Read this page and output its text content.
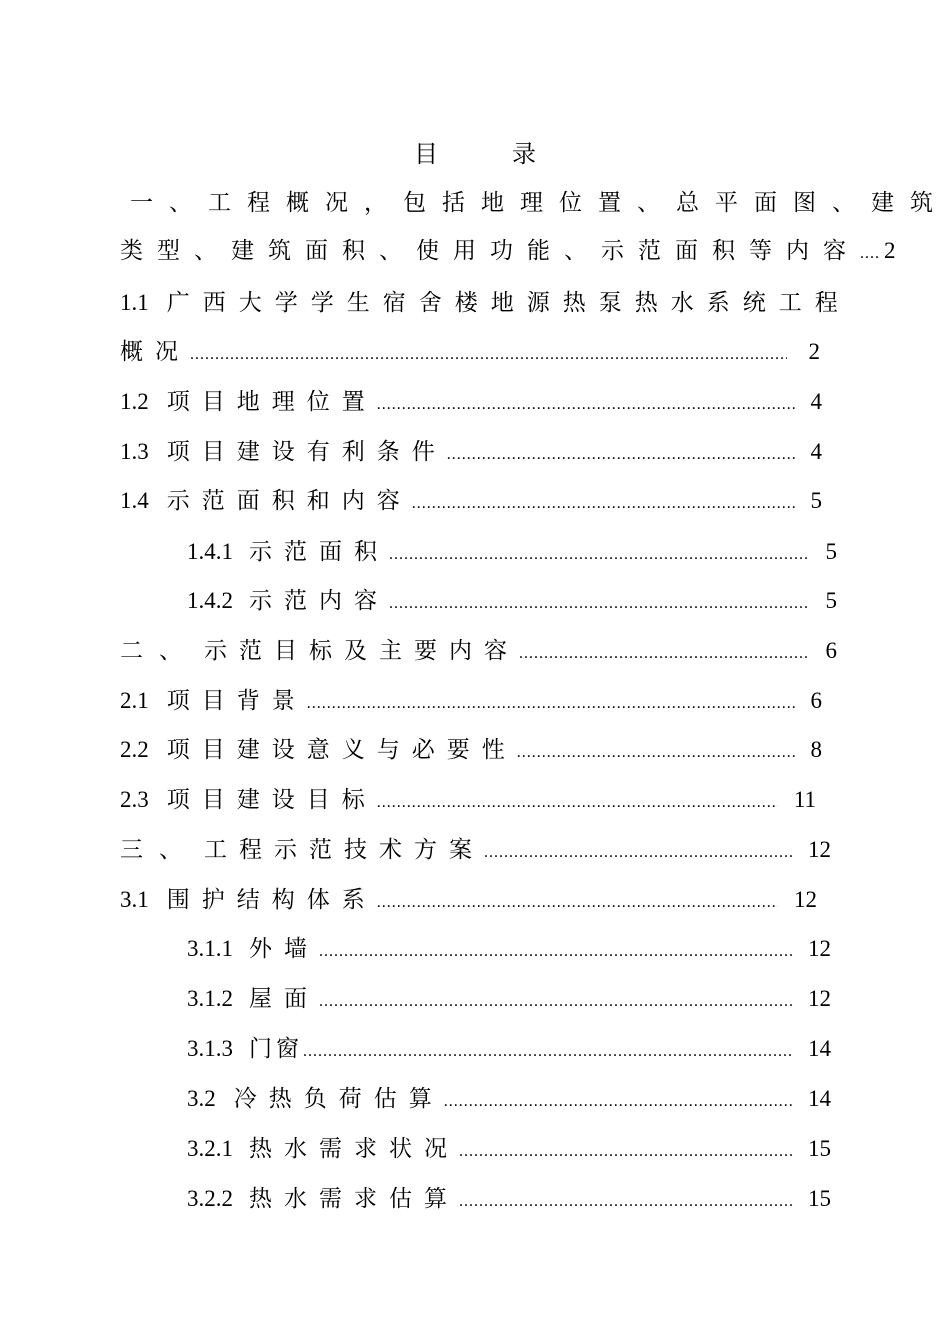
目 录
一、工程概况，包括地理位置、总平面图、建筑
类型、建筑面积、使用功能、示范面积等内容 ..... 2
1.1 广西大学学生宿舍楼地源热泵热水系统工程
概况 .....	2
1.2 项目地理位置 .....	4
1.3 项目建设有利条件 .....	4
1.4 示范面积和内容 .....	5
1.4.1 示范面积 .....	5
1.4.2 示范内容 .....	5
二、 示范目标及主要内容 .....	6
2.1 项目背景 .....	6
2.2 项目建设意义与必要性 .....	8
2.3 项目建设目标 .....	11
三、 工程示范技术方案 .....	12
3.1 围护结构体系 .....	12
3.1.1 外墙 .....	12
3.1.2 屋面 .....	12
3.1.3 门窗 .....	14
3.2 冷热负荷估算 .....	14
3.2.1 热水需求状况 .....	15
3.2.2 热水需求估算 .....	15
